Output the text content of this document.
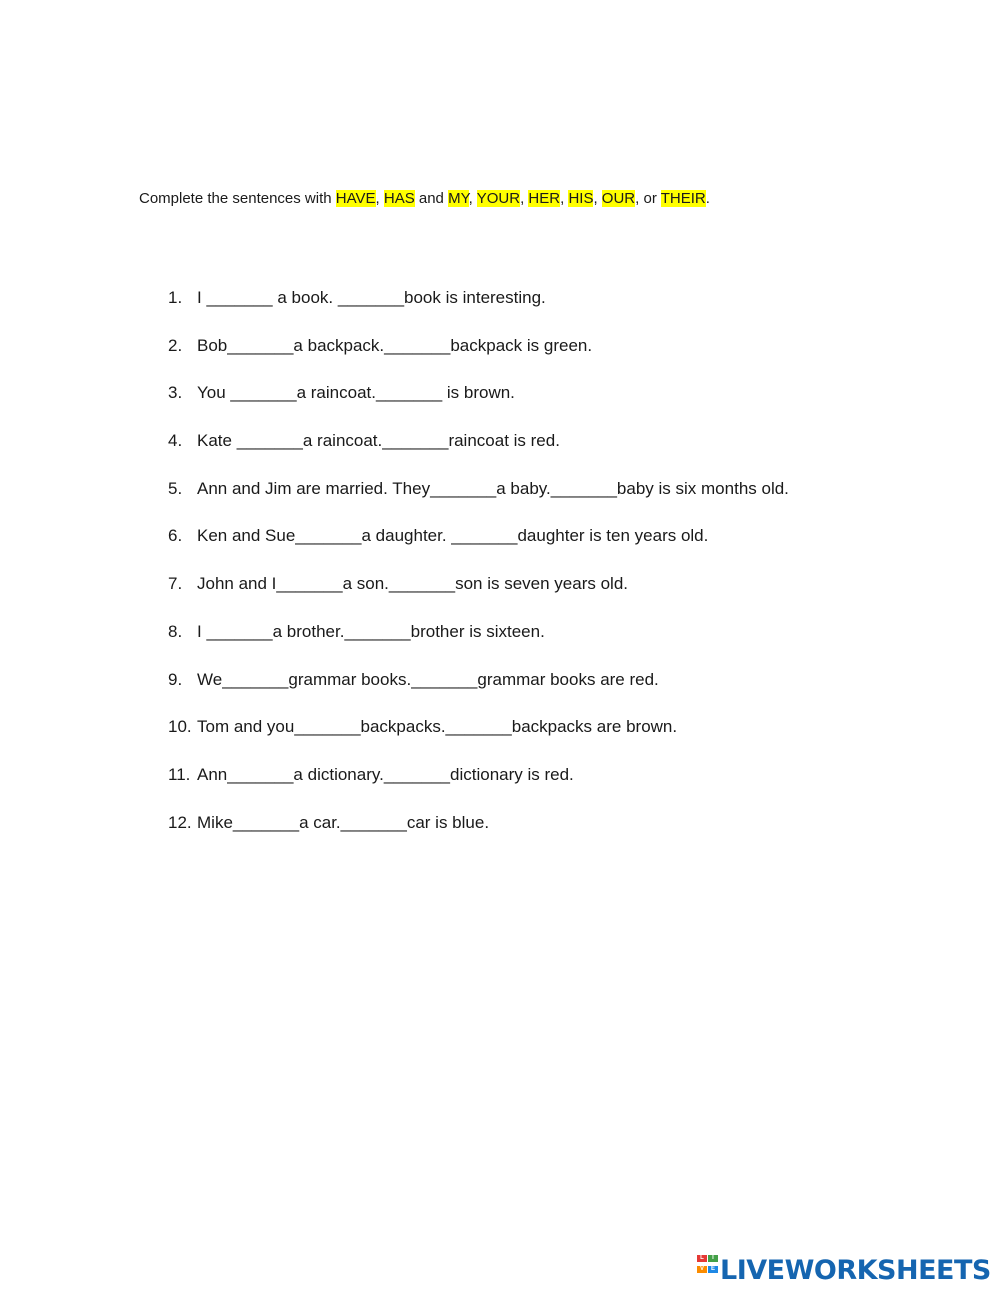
Complete the sentences with HAVE, HAS and MY, YOUR, HER, HIS, OUR, or THEIR.
1. I _______ a book. _______book is interesting.
2. Bob_______a backpack._______backpack is green.
3. You _______a raincoat._______ is brown.
4. Kate _______a raincoat._______raincoat is red.
5. Ann and Jim are married. They_______a baby._______baby is six months old.
6. Ken and Sue_______a daughter. _______daughter is ten years old.
7. John and I_______a son._______son is seven years old.
8. I _______a brother._______brother is sixteen.
9. We_______grammar books._______grammar books are red.
10. Tom and you_______backpacks._______backpacks are brown.
11. Ann_______a dictionary._______dictionary is red.
12. Mike_______a car._______car is blue.
L	I
V	E LIVEWORKSHEETS
